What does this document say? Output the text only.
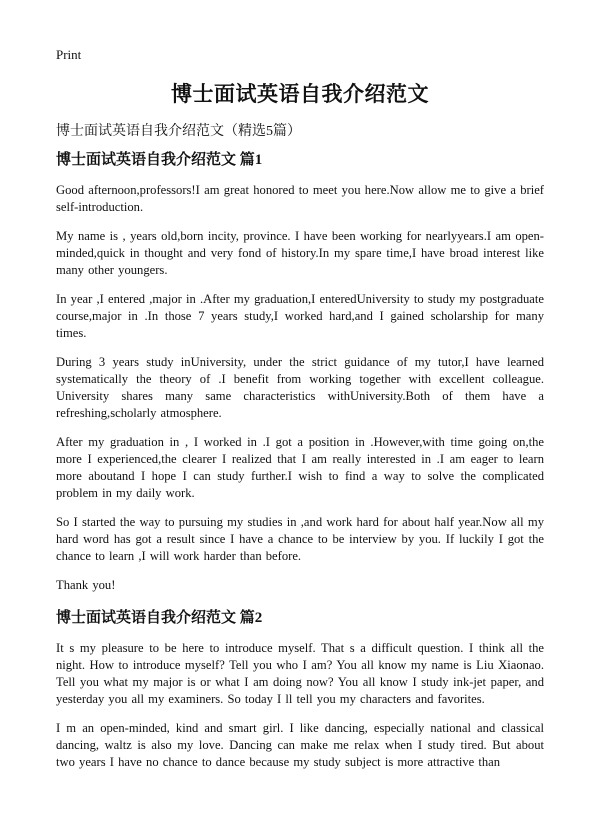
Print
博士面试英语自我介绍范文
博士面试英语自我介绍范文（精选5篇）
博士面试英语自我介绍范文 篇1

Good afternoon,professors!I am great honored to meet you here.Now allow me to give a brief self-introduction.

My name is , years old,born incity, province. I have been working for nearlyyears.I am open-minded,quick in thought and very fond of history.In my spare time,I have broad interest like many other youngers.

In year ,I entered ,major in .After my graduation,I enteredUniversity to study my postgraduate course,major in .In those 7 years study,I worked hard,and I gained scholarship for many times.

During 3 years study inUniversity, under the strict guidance of my tutor,I have learned systematically the theory of .I benefit from working together with excellent colleague. University shares many same characteristics withUniversity.Both of them have a refreshing,scholarly atmosphere.

After my graduation in , I worked in .I got a position in .However,with time going on,the more I experienced,the clearer I realized that I am really interested in .I am eager to learn more aboutand I hope I can study further.I wish to find a way to solve the complicated problem in my daily work.

So I started the way to pursuing my studies in ,and work hard for about half year.Now all my hard word has got a result since I have a chance to be interview by you. If luckily I got the chance to learn ,I will work harder than before.

Thank you!

博士面试英语自我介绍范文 篇2

It s my pleasure to be here to introduce myself. That s a difficult question. I think all the night. How to introduce myself? Tell you who I am? You all know my name is Liu Xiaonao. Tell you what my major is or what I am doing now? You all know I study ink-jet paper, and yesterday you all my examiners. So today I ll tell you my characters and favorites.

I m an open-minded, kind and smart girl. I like dancing, especially national and classical dancing, waltz is also my love. Dancing can make me relax when I study tired. But about two years I have no chance to dance because my study subject is more attractive than
